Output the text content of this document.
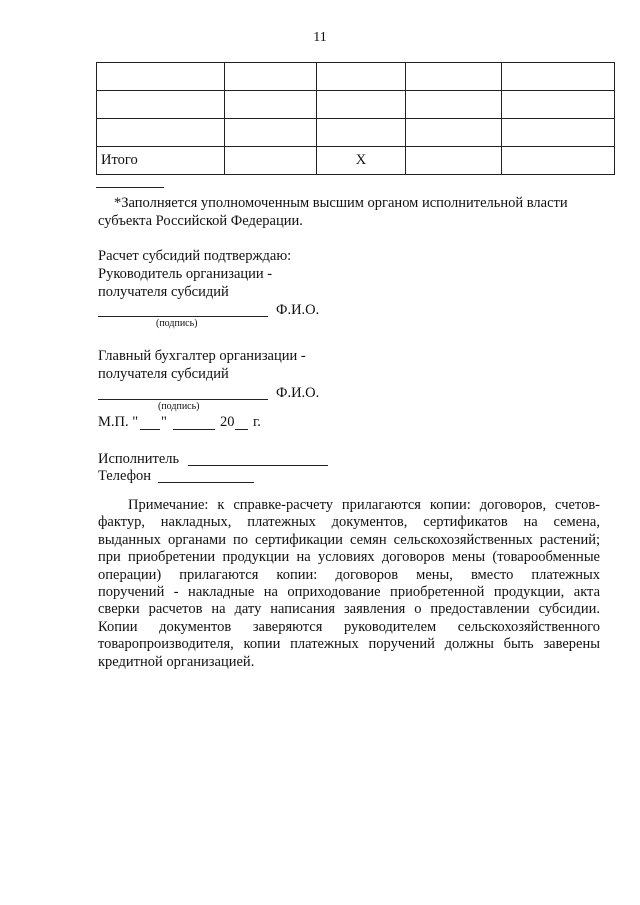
11

Итого		Х		
*Заполняется уполномоченным высшим органом исполнительной власти
субъекта Российской Федерации.
Расчет субсидий подтверждаю:
Руководитель организации -
получателя субсидий
Ф.И.О.
(подпись)
Главный бухгалтер организации -
получателя субсидий
Ф.И.О.
(подпись)
М.П. " "	20 г.
Исполнитель
Телефон
Примечание: к справке-расчету прилагаются копии: договоров, счетов-
фактур, накладных, платежных документов, сертификатов на семена,
выданных органами по сертификации семян сельскохозяйственных растений;
при приобретении продукции на условиях договоров мены (товарообменные
операции) прилагаются копии: договоров мены, вместо платежных
поручений - накладные на оприходование приобретенной продукции, акта
сверки расчетов на дату написания заявления о предоставлении субсидии.
Копии документов заверяются руководителем сельскохозяйственного
товаропроизводителя, копии платежных поручений должны быть заверены
кредитной организацией.
